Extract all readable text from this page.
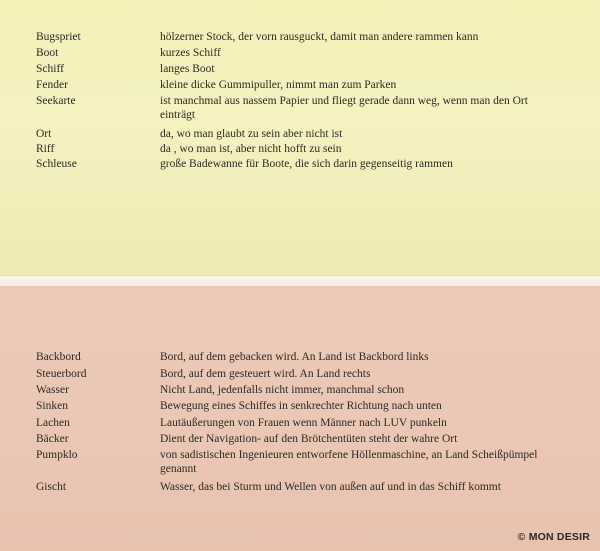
Bugspriet	hölzerner Stock, der vorn rausguckt, damit man andere rammen kann
Boot	kurzes Schiff
Schiff	langes Boot
Fender	kleine dicke Gummipuller, nimmt man zum Parken
Seekarte	ist manchmal aus nassem Papier und fliegt gerade dann weg, wenn man den Ort einträgt
Ort	da, wo man glaubt zu sein aber nicht ist
Riff	da , wo man ist, aber nicht hofft zu sein
Schleuse	große Badewanne für Boote, die sich darin gegenseitig rammen
Backbord	Bord, auf dem gebacken wird. An Land ist Backbord links
Steuerbord	Bord, auf dem gesteuert wird. An Land rechts
Wasser	Nicht Land, jedenfalls nicht immer, manchmal schon
Sinken	Bewegung eines Schiffes in senkrechter Richtung nach unten
Lachen	Lautäußerungen von Frauen wenn Männer nach LUV punkeln
Bäcker	Dient der Navigation- auf den Brötchentüten steht der wahre Ort
Pumpklo	von sadistischen Ingenieuren entworfene Höllenmaschine, an Land Scheißpümpel genannt
Gischt	Wasser, das bei Sturm und Wellen von außen auf und in das Schiff kommt
© MON DESIR
